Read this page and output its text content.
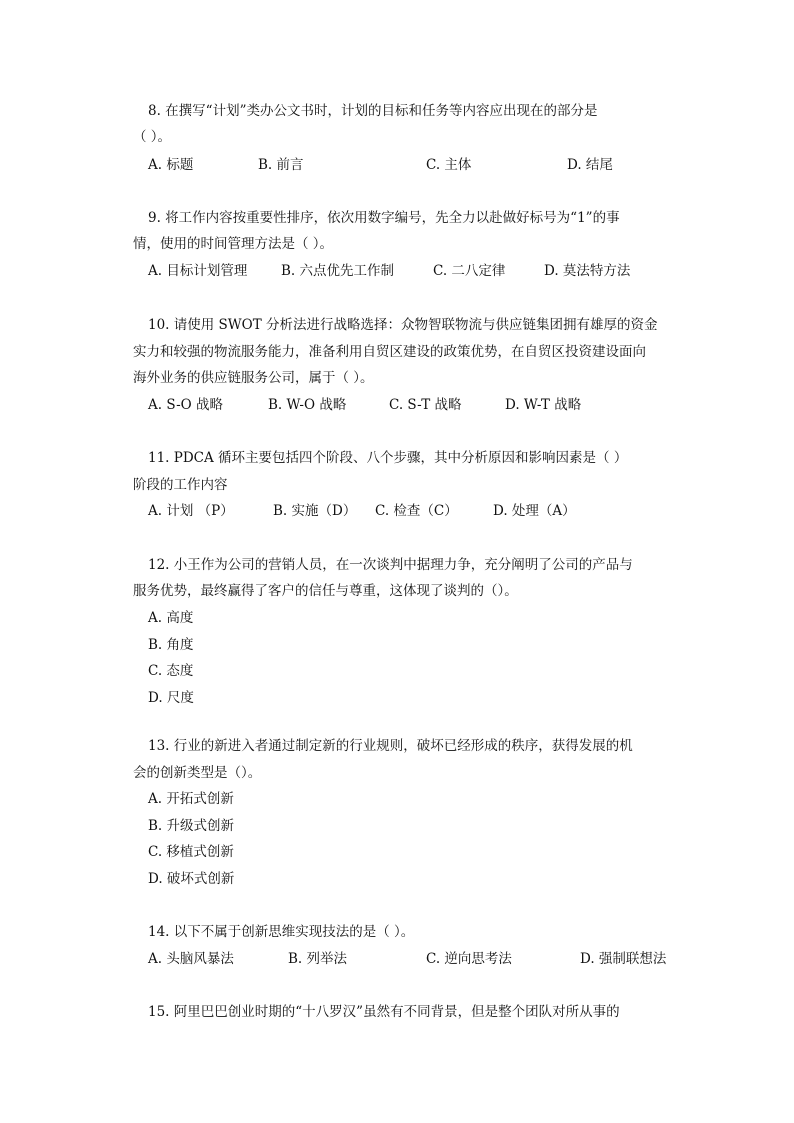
8. 在撰写“计划”类办公文书时，计划的目标和任务等内容应出现在的部分是
（ ）。
A. 标题	B. 前言	C. 主体	D. 结尾
9. 将工作内容按重要性排序，依次用数字编号，先全力以赴做好标号为“1”的事
情，使用的时间管理方法是（ ）。
A. 目标计划管理 B. 六点优先工作制	C. 二八定律	D. 莫法特方法
10. 请使用 SWOT 分析法进行战略选择：众物智联物流与供应链集团拥有雄厚的资金
实力和较强的物流服务能力，准备利用自贸区建设的政策优势，在自贸区投资建设面向
海外业务的供应链服务公司，属于（ ）。
A. S-O 战略	B. W-O 战略	C. S-T 战略	D. W-T 战略
11. PDCA 循环主要包括四个阶段、八个步骤，其中分析原因和影响因素是（ ）
阶段的工作内容
A. 计划 （P）	B. 实施（D） C. 检查（C）	D. 处理（A）
12. 小王作为公司的营销人员，在一次谈判中据理力争，充分阐明了公司的产品与
服务优势，最终赢得了客户的信任与尊重，这体现了谈判的（）。
A. 高度
B. 角度
C. 态度
D. 尺度
13. 行业的新进入者通过制定新的行业规则，破坏已经形成的秩序，获得发展的机
会的创新类型是（）。
A. 开拓式创新
B. 升级式创新
C. 移植式创新
D. 破坏式创新
14. 以下不属于创新思维实现技法的是（ ）。
A. 头脑风暴法	B. 列举法	C. 逆向思考法	D. 强制联想法
15. 阿里巴巴创业时期的“十八罗汉”虽然有不同背景，但是整个团队对所从事的
